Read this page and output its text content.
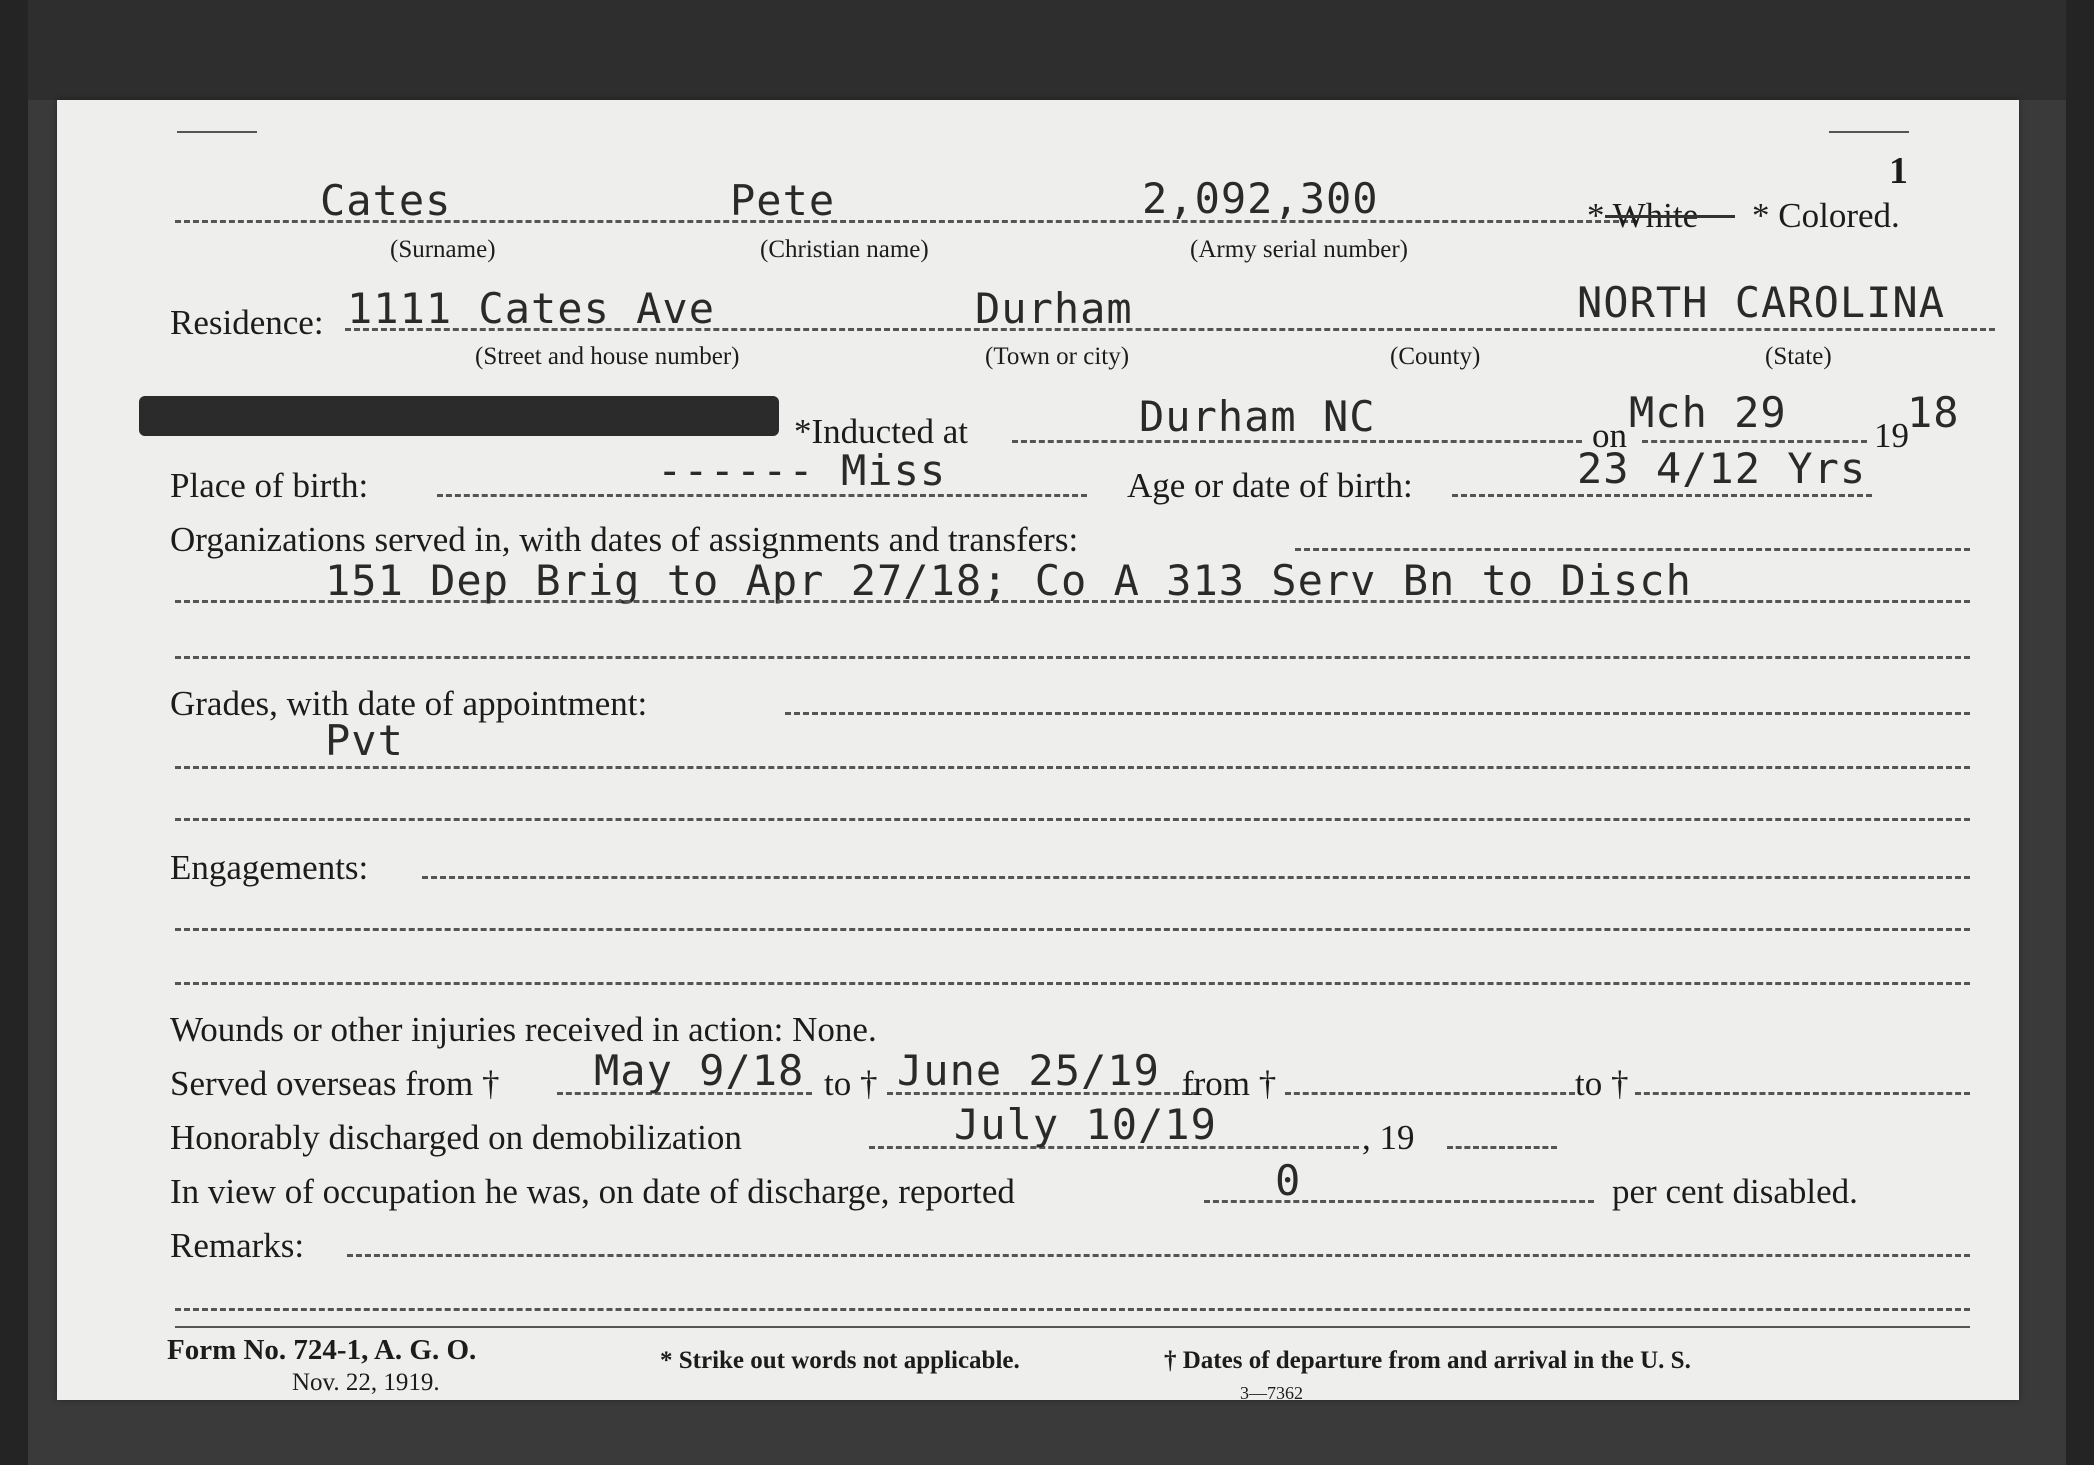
1
Cates	Pete	2,092,300	* White * Colored.
(Surname)	(Christian name)	(Army serial number)
Residence: 1111 Cates Ave	Durham	NORTH CAROLINA
(Street and house number)	(Town or city)	(County)	(State)
*Inducted at	Durham NC	on Mch 29 19
18
Place of birth:	------ Miss	Age or date of birth:	23 4/12 Yrs
Organizations served in, with dates of assignments and transfers:
151 Dep Brig to Apr 27/18; Co A 313 Serv Bn to Disch
Grades, with date of appointment:
Pvt
Engagements:
Wounds or other injuries received in action: None.
Served overseas from † May 9/18 to † June 25/19 from †	to †
Honorably discharged on demobilization	July 10/19	, 19
In view of occupation he was, on date of discharge, reported	0	per cent disabled.
Remarks:
Form No. 724-1, A. G. O.
Nov. 22, 1919.
* Strike out words not applicable.	† Dates of departure from and arrival in the U. S.
3—7362
